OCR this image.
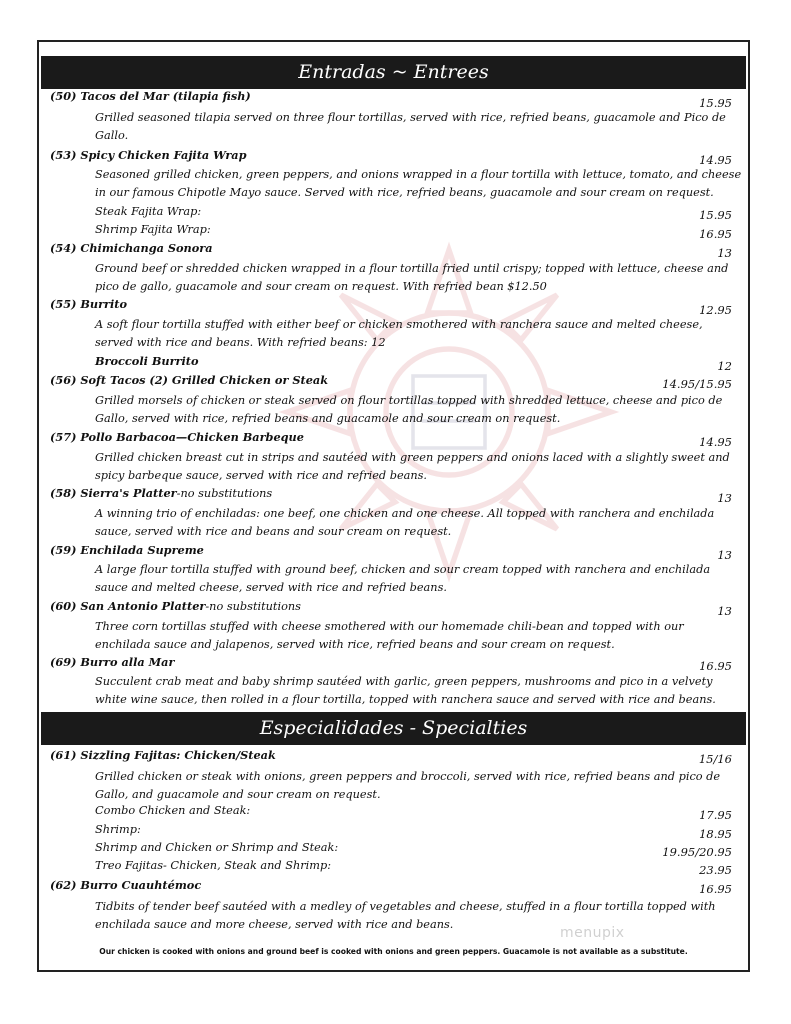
Entradas ~ Entrees
(50) Tacos del Mar (tilapia fish)	15.95
Grilled seasoned tilapia served on three flour tortillas, served with rice, refried beans, guacamole and Pico de Gallo.
(53) Spicy Chicken Fajita Wrap	14.95
Seasoned grilled chicken, green peppers, and onions wrapped in a flour tortilla with lettuce, tomato, and cheese in our famous Chipotle Mayo sauce. Served with rice, refried beans, guacamole and sour cream on request.
Steak Fajita Wrap:	15.95
Shrimp Fajita Wrap:	16.95
(54) Chimichanga Sonora	13
Ground beef or shredded chicken wrapped in a flour tortilla fried until crispy; topped with lettuce, cheese and pico de gallo, guacamole and sour cream on request. With refried bean $12.50
(55) Burrito	12.95
A soft flour tortilla stuffed with either beef or chicken smothered with ranchera sauce and melted cheese, served with rice and beans. With refried beans: 12
Broccoli Burrito	12
(56) Soft Tacos (2) Grilled Chicken or Steak	14.95/15.95
Grilled morsels of chicken or steak served on flour tortillas topped with shredded lettuce, cheese and pico de Gallo, served with rice, refried beans and guacamole and sour cream on request.
(57) Pollo Barbacoa—Chicken Barbeque	14.95
Grilled chicken breast cut in strips and sautéed with green peppers and onions laced with a slightly sweet and spicy barbeque sauce, served with rice and refried beans.
(58) Sierra's Platter-no substitutions	13
A winning trio of enchiladas: one beef, one chicken and one cheese. All topped with ranchera and enchilada sauce, served with rice and beans and sour cream on request.
(59) Enchilada Supreme	13
A large flour tortilla stuffed with ground beef, chicken and sour cream topped with ranchera and enchilada sauce and melted cheese, served with rice and refried beans.
(60) San Antonio Platter-no substitutions	13
Three corn tortillas stuffed with cheese smothered with our homemade chili-bean and topped with our enchilada sauce and jalapenos, served with rice, refried beans and sour cream on request.
(69) Burro alla Mar	16.95
Succulent crab meat and baby shrimp sautéed with garlic, green peppers, mushrooms and pico in a velvety white wine sauce, then rolled in a flour tortilla, topped with ranchera sauce and served with rice and beans.
Especialidades - Specialties
(61) Sizzling Fajitas: Chicken/Steak	15/16
Grilled chicken or steak with onions, green peppers and broccoli, served with rice, refried beans and pico de Gallo, and guacamole and sour cream on request.
Combo Chicken and Steak:	17.95
Shrimp:	18.95
Shrimp and Chicken or Shrimp and Steak:	19.95/20.95
Treo Fajitas- Chicken, Steak and Shrimp:	23.95
(62) Burro Cuauhtémoc	16.95
Tidbits of tender beef sautéed with a medley of vegetables and cheese, stuffed in a flour tortilla topped with enchilada sauce and more cheese, served with rice and beans.
Our chicken is cooked with onions and ground beef is cooked with onions and green peppers. Guacamole is not available as a substitute.
menupix
